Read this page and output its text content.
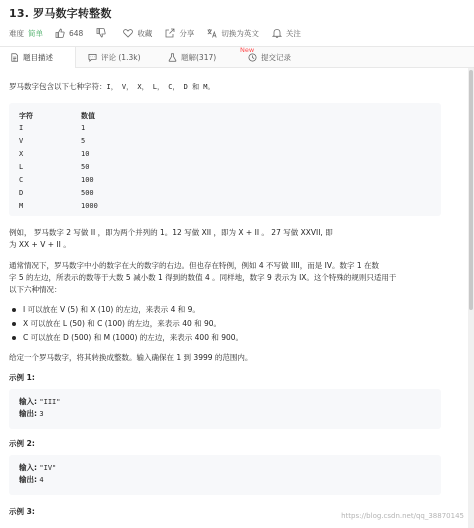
13. 罗马数字转整数
难度 简单	648	收藏	分享	切换为英文	关注
题目描述	评论 (1.3k)	题解(317)
New
提交记录
罗马数字包含以下七种字符：I， V， X， L， C， D 和 M。
字符	数值
I	1
V	5
X	10
L	50
C	100
D	500
M	1000
例如， 罗马数字 2 写做 II ，即为两个并列的 1。12 写做 XII ，即为 X + II 。 27 写做 XXVII, 即
为 XX + V + II 。
通常情况下，罗马数字中小的数字在大的数字的右边。但也存在特例，例如 4 不写做 IIII，而是 IV。数字 1 在数
字 5 的左边，所表示的数等于大数 5 减小数 1 得到的数值 4 。同样地，数字 9 表示为 IX。这个特殊的规则只适用于
以下六种情况：
I 可以放在 V (5) 和 X (10) 的左边，来表示 4 和 9。
X 可以放在 L (50) 和 C (100) 的左边，来表示 40 和 90。
C 可以放在 D (500) 和 M (1000) 的左边，来表示 400 和 900。
给定一个罗马数字，将其转换成整数。输入确保在 1 到 3999 的范围内。
示例 1:
输入: "III"
输出: 3
示例 2:
输入: "IV"
输出: 4
示例 3:	https://blog.csdn.net/qq_38870145
